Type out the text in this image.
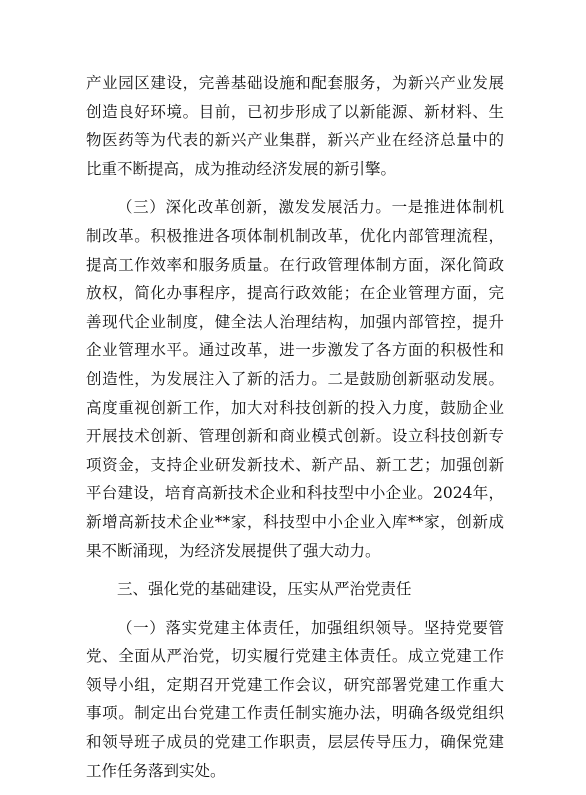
产业园区建设，完善基础设施和配套服务，为新兴产业发展创造良好环境。目前，已初步形成了以新能源、新材料、生物医药等为代表的新兴产业集群，新兴产业在经济总量中的比重不断提高，成为推动经济发展的新引擎。

（三）深化改革创新，激发发展活力。一是推进体制机制改革。积极推进各项体制机制改革，优化内部管理流程，提高工作效率和服务质量。在行政管理体制方面，深化简政放权，简化办事程序，提高行政效能；在企业管理方面，完善现代企业制度，健全法人治理结构，加强内部管控，提升企业管理水平。通过改革，进一步激发了各方面的积极性和创造性，为发展注入了新的活力。二是鼓励创新驱动发展。高度重视创新工作，加大对科技创新的投入力度，鼓励企业开展技术创新、管理创新和商业模式创新。设立科技创新专项资金，支持企业研发新技术、新产品、新工艺；加强创新平台建设，培育高新技术企业和科技型中小企业。2024年，新增高新技术企业**家，科技型中小企业入库**家，创新成果不断涌现，为经济发展提供了强大动力。

三、强化党的基础建设，压实从严治党责任

（一）落实党建主体责任，加强组织领导。坚持党要管党、全面从严治党，切实履行党建主体责任。成立党建工作领导小组，定期召开党建工作会议，研究部署党建工作重大事项。制定出台党建工作责任制实施办法，明确各级党组织和领导班子成员的党建工作职责，层层传导压力，确保党建工作任务落到实处。
